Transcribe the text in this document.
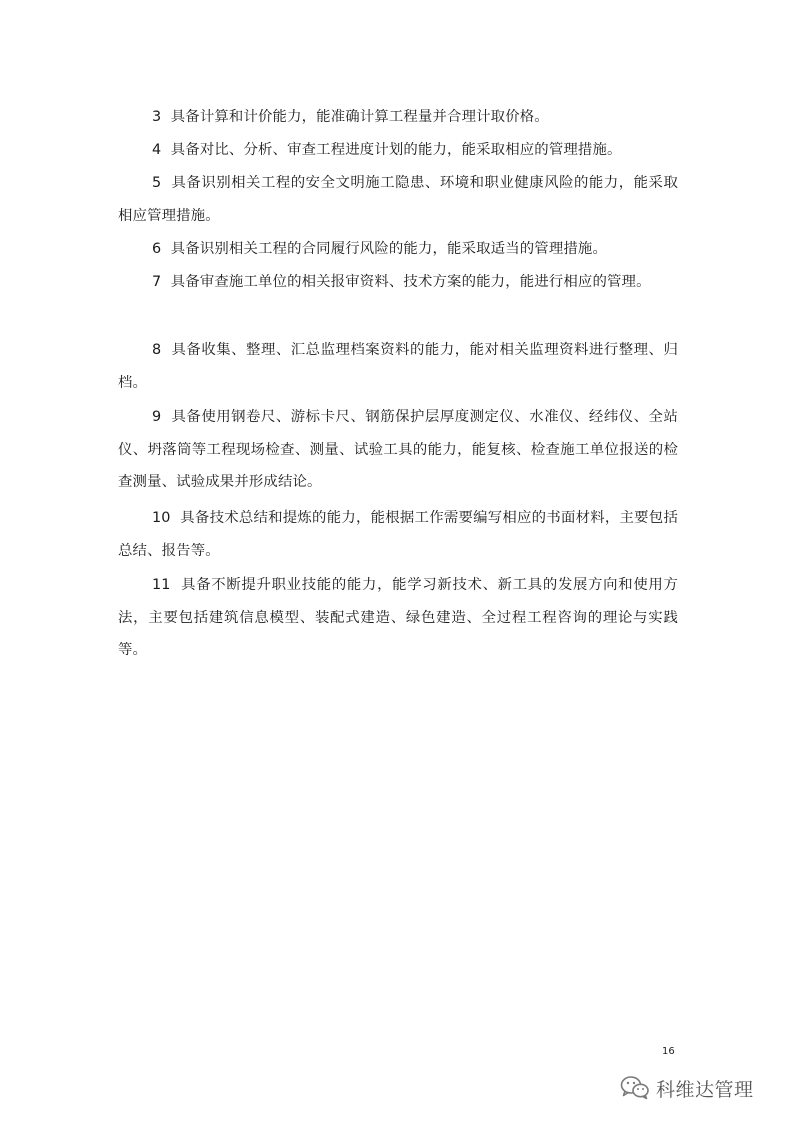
3 具备计算和计价能力，能准确计算工程量并合理计取价格。

4 具备对比、分析、审查工程进度计划的能力，能采取相应的管理措施。

5 具备识别相关工程的安全文明施工隐患、环境和职业健康风险的能力，能采取相应管理措施。

6 具备识别相关工程的合同履行风险的能力，能采取适当的管理措施。

7 具备审查施工单位的相关报审资料、技术方案的能力，能进行相应的管理。

8 具备收集、整理、汇总监理档案资料的能力，能对相关监理资料进行整理、归档。

9 具备使用钢卷尺、游标卡尺、钢筋保护层厚度测定仪、水准仪、经纬仪、全站仪、坍落筒等工程现场检查、测量、试验工具的能力，能复核、检查施工单位报送的检查测量、试验成果并形成结论。

10 具备技术总结和提炼的能力，能根据工作需要编写相应的书面材料，主要包括总结、报告等。

11 具备不断提升职业技能的能力，能学习新技术、新工具的发展方向和使用方法，主要包括建筑信息模型、装配式建造、绿色建造、全过程工程咨询的理论与实践等。

16
科维达管理
